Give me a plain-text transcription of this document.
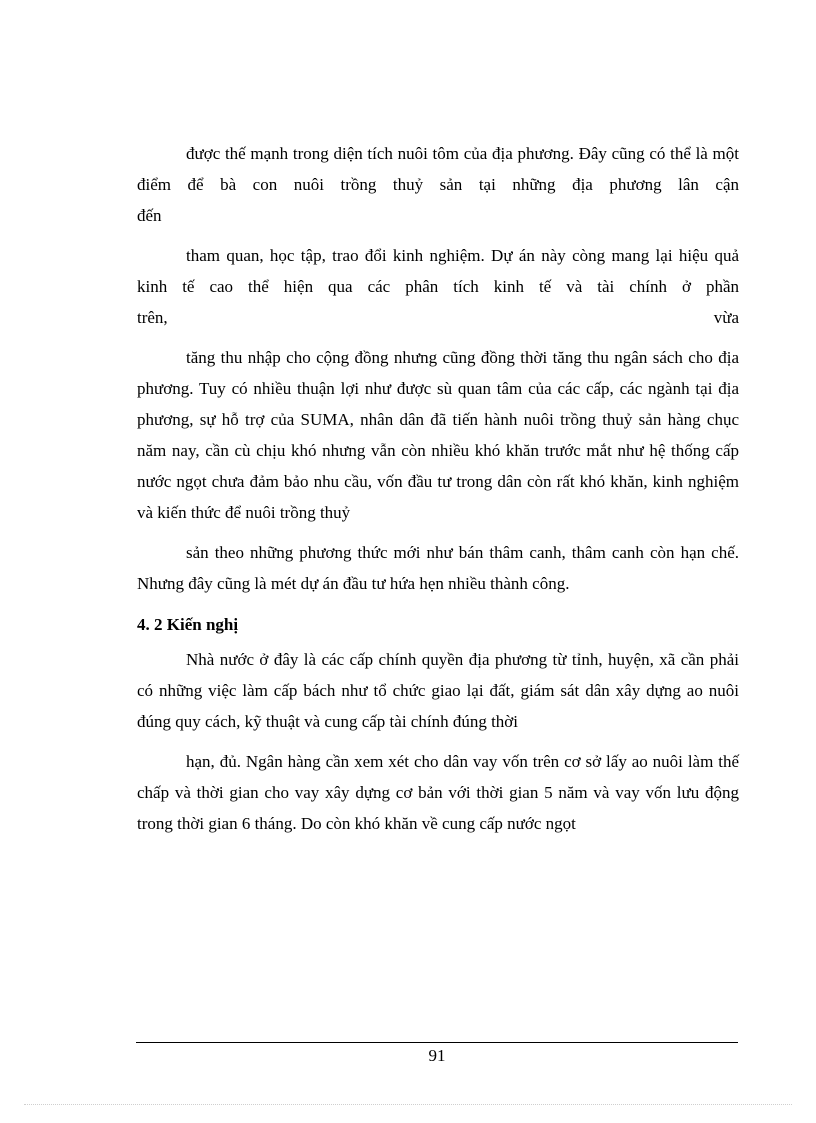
được thế mạnh trong diện tích nuôi tôm của địa phương. Đây cũng có thể là một điểm để bà con nuôi trồng thuỷ sản tại những địa phương lân cận

đến

tham quan, học tập, trao đổi kinh nghiệm. Dự án này còng mang lại hiệu quả kinh tế cao thể hiện qua các phân tích kinh tế và tài chính ở phần

trên, vừa

tăng thu nhập cho cộng đồng nhưng cũng đồng thời tăng thu ngân sách cho địa phương. Tuy có nhiều thuận lợi như được sù quan tâm của các cấp, các ngành tại địa phương, sự hỗ trợ của SUMA, nhân dân đã tiến hành nuôi trồng thuỷ sản hàng chục năm nay, cần cù chịu khó nhưng vẫn còn nhiều khó khăn trước mắt như hệ thống cấp nước ngọt chưa đảm bảo nhu cầu, vốn đầu tư trong dân còn rất khó khăn, kinh nghiệm và kiến thức để nuôi trồng thuỷ

sản theo những phương thức mới như bán thâm canh, thâm canh còn hạn chế. Nhưng đây cũng là mét dự án đầu tư hứa hẹn nhiều thành công.

4. 2 Kiến nghị

Nhà nước ở đây là các cấp chính quyền địa phương từ tỉnh, huyện, xã cần phải có những việc làm cấp bách như tổ chức giao lại đất, giám sát dân xây dựng ao nuôi đúng quy cách, kỹ thuật và cung cấp tài chính đúng thời

hạn, đủ. Ngân hàng cần xem xét cho dân vay vốn trên cơ sở lấy ao nuôi làm thế chấp và thời gian cho vay xây dựng cơ bản với thời gian 5 năm và vay vốn lưu động trong thời gian 6 tháng. Do còn khó khăn về cung cấp nước ngọt

91
